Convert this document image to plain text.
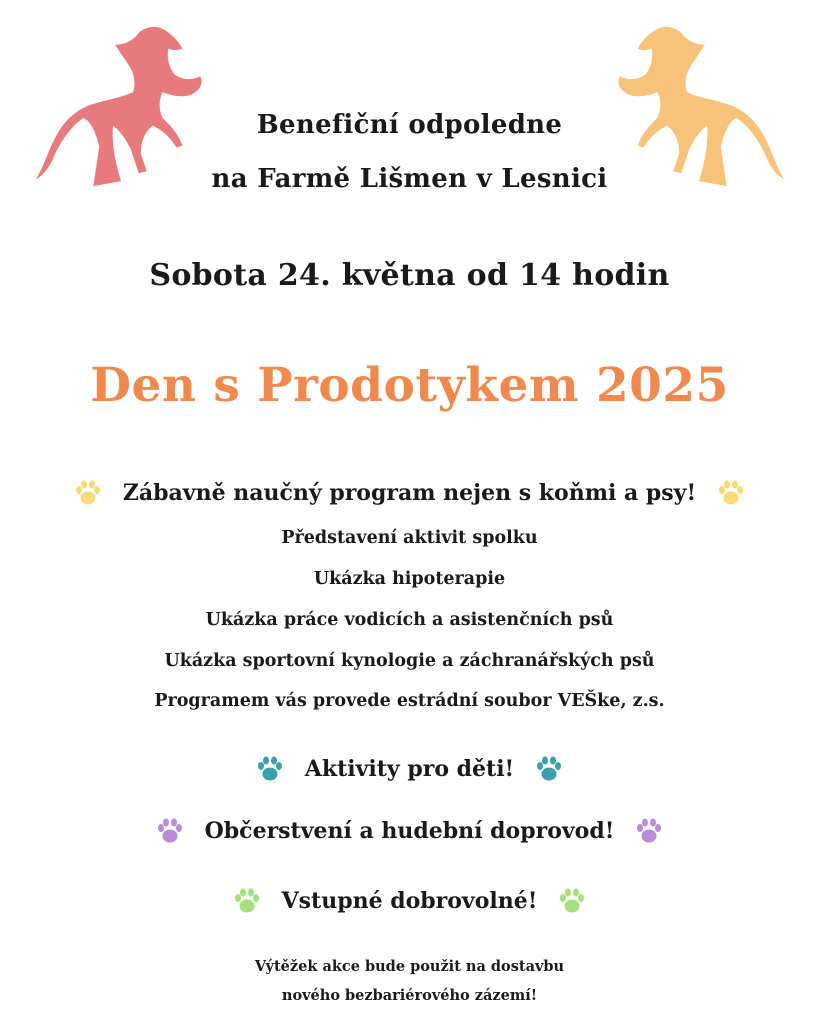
Benefiční odpoledne
na Farmě Lišmen v Lesnici
Sobota 24. května od 14 hodin
Den s Prodotykem 2025
Zábavně naučný program nejen s koňmi a psy!
Představení aktivit spolku
Ukázka hipoterapie
Ukázka práce vodicích a asistenčních psů
Ukázka sportovní kynologie a záchranářských psů
Programem vás provede estrádní soubor VEŠke, z.s.
Aktivity pro děti!
Občerstvení a hudební doprovod!
Vstupné dobrovolné!
Výtěžek akce bude použit na dostavbu
nového bezbariérového zázemí!
